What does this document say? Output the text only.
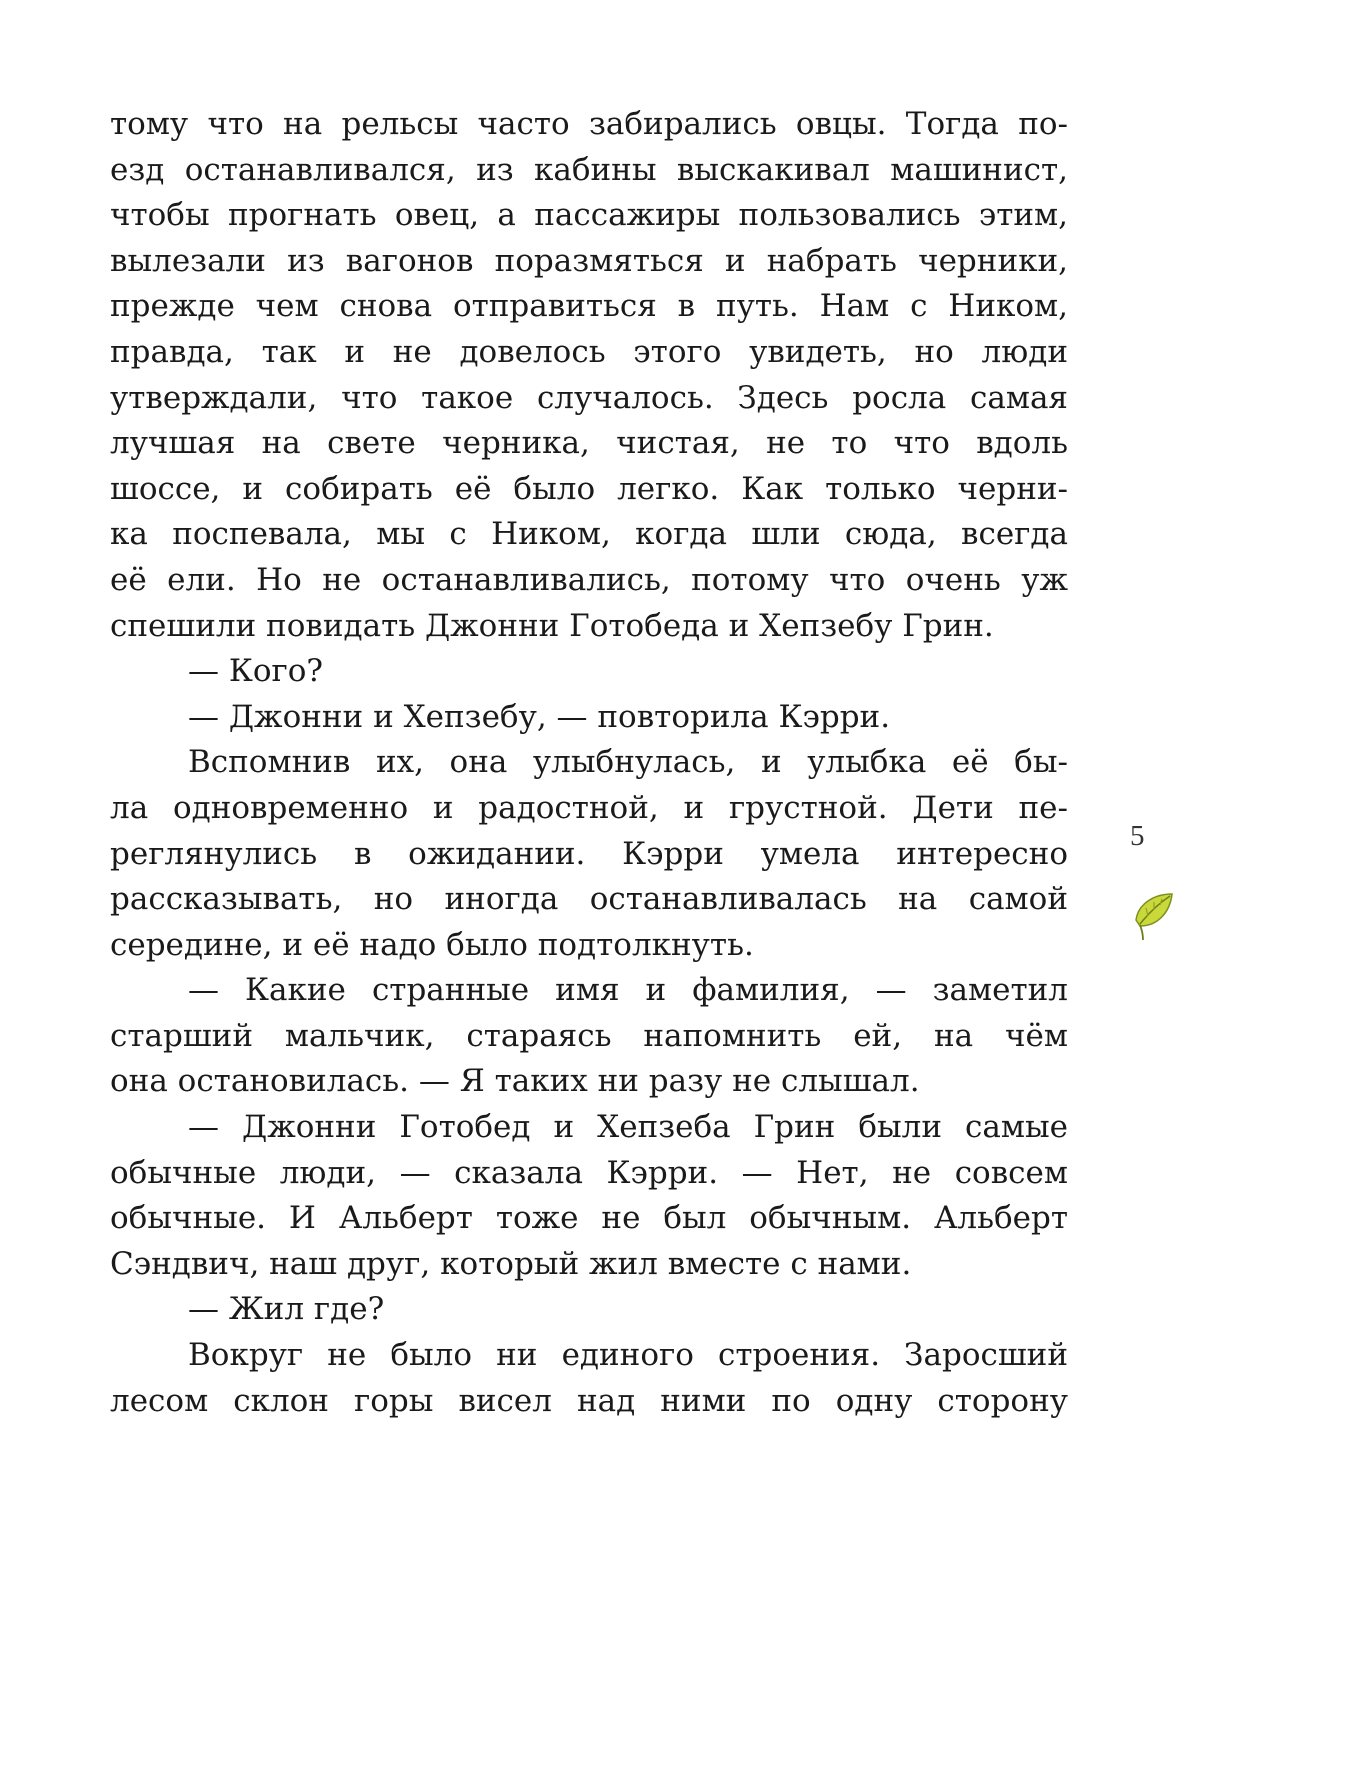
тому что на рельсы часто забирались овцы. Тогда по-
езд останавливался, из кабины выскакивал машинист,
чтобы прогнать овец, а пассажиры пользовались этим,
вылезали из вагонов поразмяться и набрать черники,
прежде чем снова отправиться в путь. Нам с Ником,
правда, так и не довелось этого увидеть, но люди
утверждали, что такое случалось. Здесь росла самая
лучшая на свете черника, чистая, не то что вдоль
шоссе, и собирать её было легко. Как только черни-
ка поспевала, мы с Ником, когда шли сюда, всегда
её ели. Но не останавливались, потому что очень уж
спешили повидать Джонни Готобеда и Хепзебу Грин.
— Кого?
— Джонни и Хепзебу, — повторила Кэрри.
Вспомнив их, она улыбнулась, и улыбка её бы-
ла одновременно и радостной, и грустной. Дети пе-
реглянулись в ожидании. Кэрри умела интересно
рассказывать, но иногда останавливалась на самой
середине, и её надо было подтолкнуть.
— Какие странные имя и фамилия, — заметил
старший мальчик, стараясь напомнить ей, на чём
она остановилась. — Я таких ни разу не слышал.
— Джонни Готобед и Хепзеба Грин были самые
обычные люди, — сказала Кэрри. — Нет, не совсем
обычные. И Альберт тоже не был обычным. Альберт
Сэндвич, наш друг, который жил вместе с нами.
— Жил где?
Вокруг не было ни единого строения. Заросший
лесом склон горы висел над ними по одну сторону
5
